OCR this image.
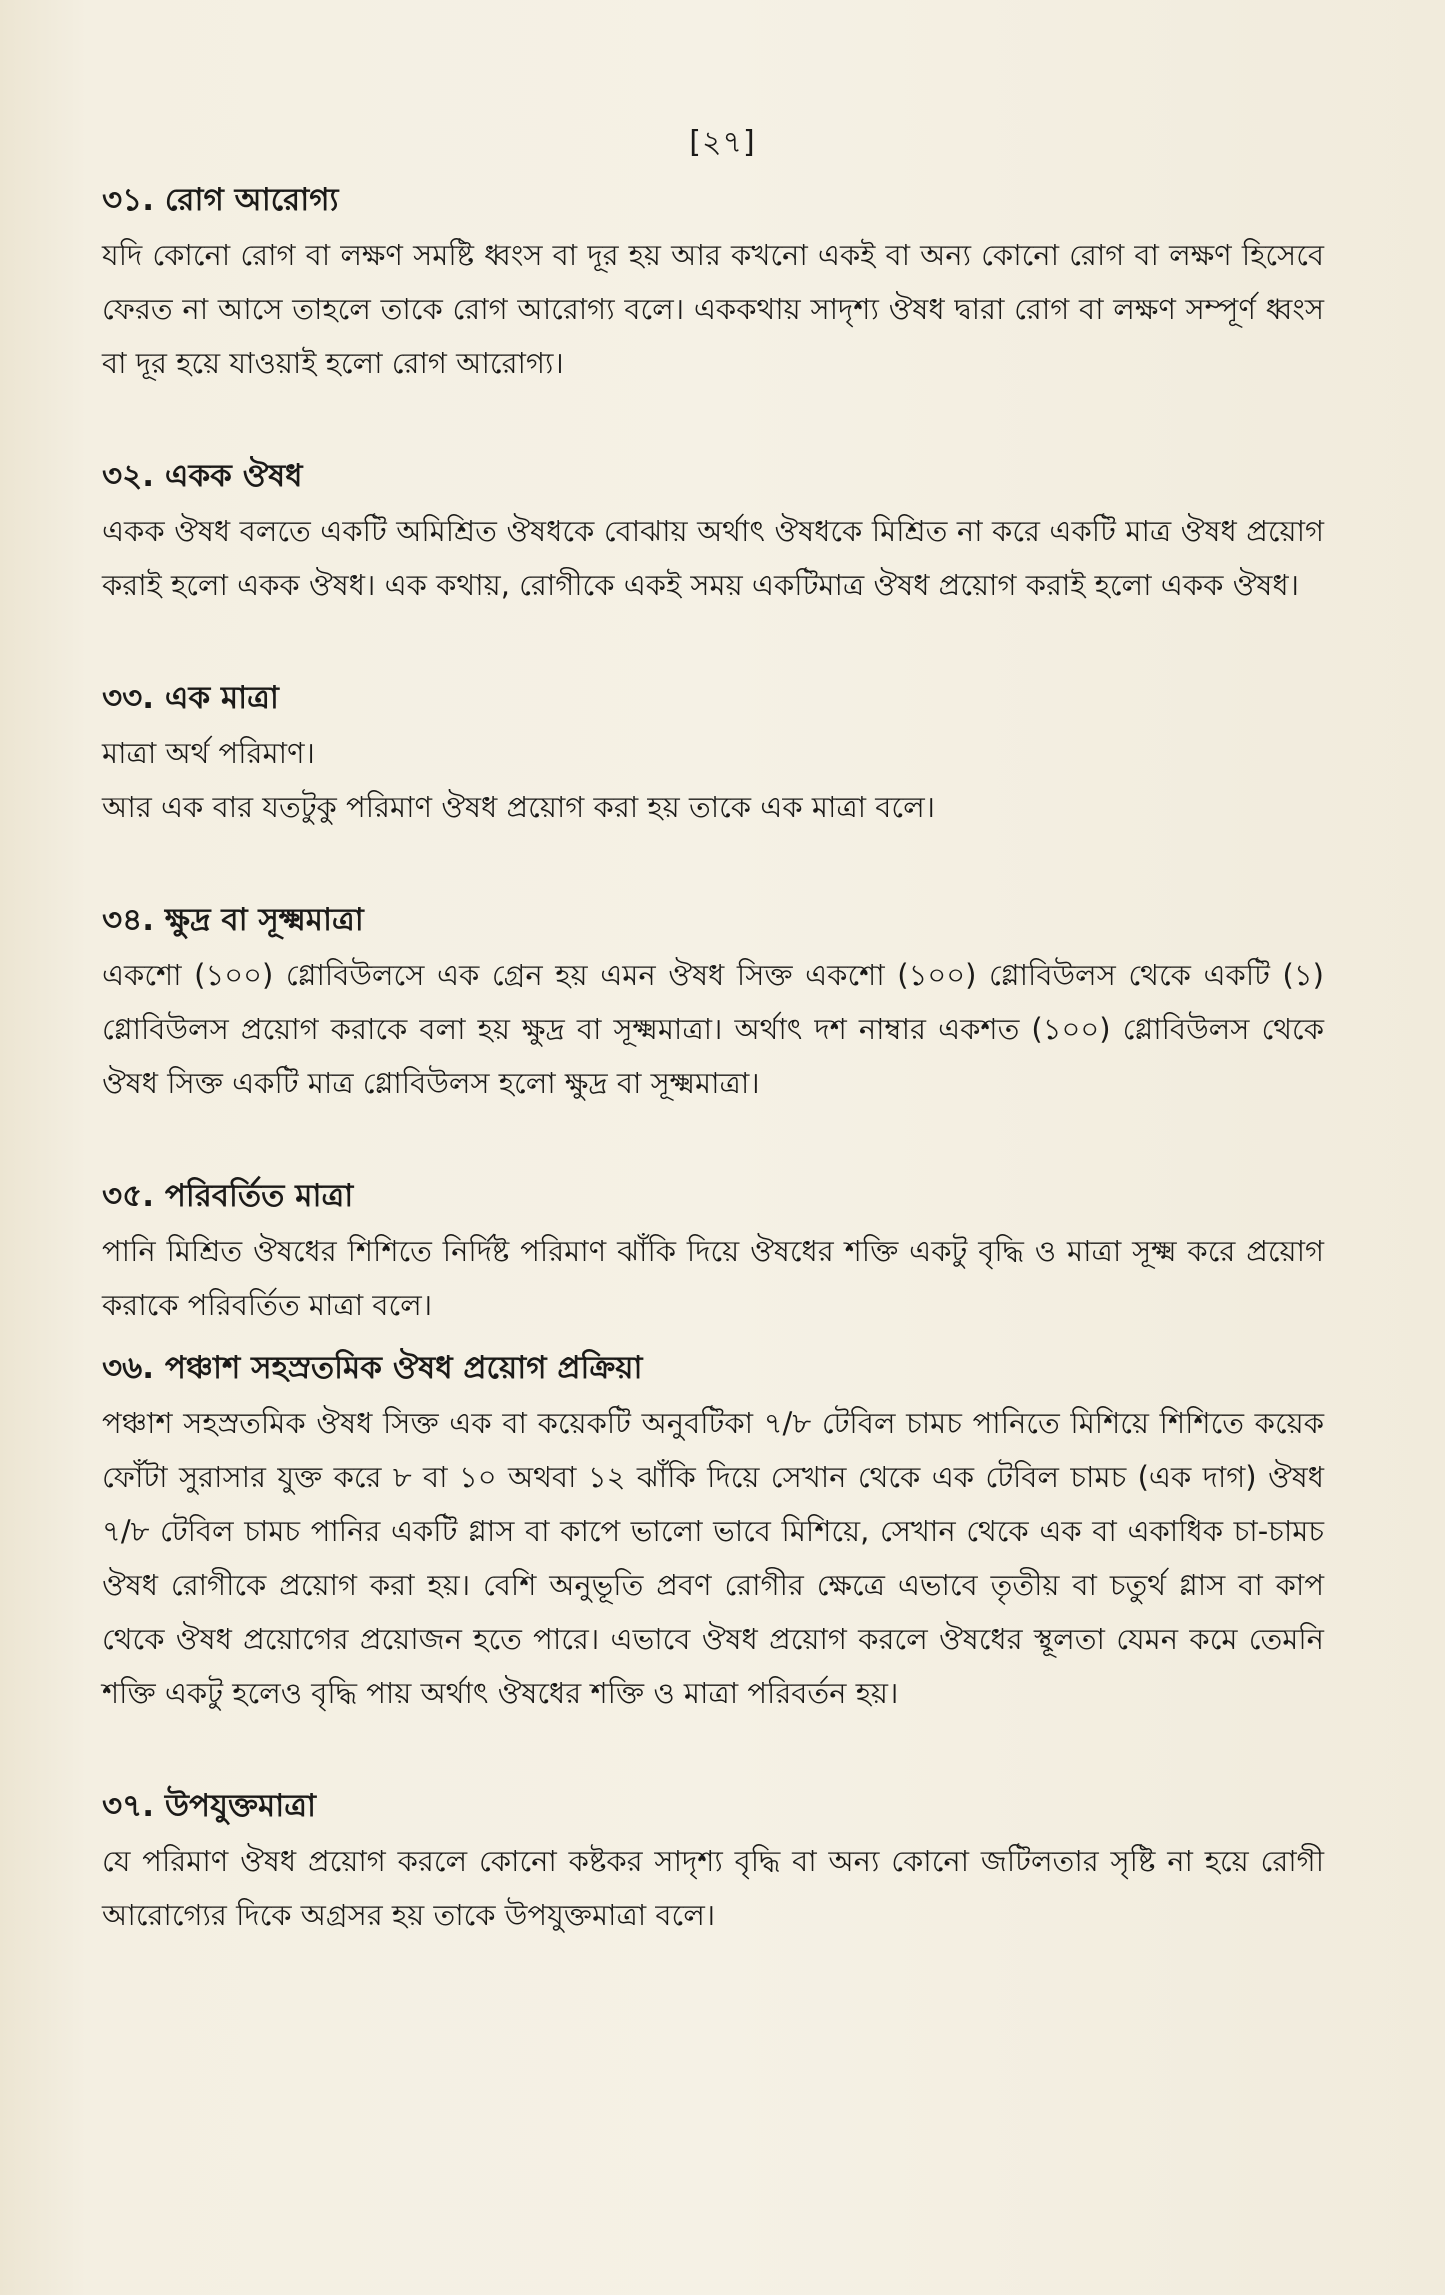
[২৭]
৩১. রোগ আরোগ্য

যদি কোনো রোগ বা লক্ষণ সমষ্টি ধ্বংস বা দূর হয় আর কখনো একই বা অন্য কোনো রোগ বা লক্ষণ হিসেবে ফেরত না আসে তাহলে তাকে রোগ আরোগ্য বলে। এককথায় সাদৃশ্য ঔষধ দ্বারা রোগ বা লক্ষণ সম্পূর্ণ ধ্বংস বা দূর হয়ে যাওয়াই হলো রোগ আরোগ্য।

৩২. একক ঔষধ

একক ঔষধ বলতে একটি অমিশ্রিত ঔষধকে বোঝায় অর্থাৎ ঔষধকে মিশ্রিত না করে একটি মাত্র ঔষধ প্রয়োগ করাই হলো একক ঔষধ। এক কথায়, রোগীকে একই সময় একটিমাত্র ঔষধ প্রয়োগ করাই হলো একক ঔষধ।

৩৩. এক মাত্রা

মাত্রা অর্থ পরিমাণ।

আর এক বার যতটুকু পরিমাণ ঔষধ প্রয়োগ করা হয় তাকে এক মাত্রা বলে।

৩৪. ক্ষুদ্র বা সূক্ষ্মমাত্রা

একশো (১০০) গ্লোবিউলসে এক গ্রেন হয় এমন ঔষধ সিক্ত একশো (১০০) গ্লোবিউলস থেকে একটি (১) গ্লোবিউলস প্রয়োগ করাকে বলা হয় ক্ষুদ্র বা সূক্ষ্মমাত্রা। অর্থাৎ দশ নাম্বার একশত (১০০) গ্লোবিউলস থেকে ঔষধ সিক্ত একটি মাত্র গ্লোবিউলস হলো ক্ষুদ্র বা সূক্ষ্মমাত্রা।

৩৫. পরিবর্তিত মাত্রা

পানি মিশ্রিত ঔষধের শিশিতে নির্দিষ্ট পরিমাণ ঝাঁকি দিয়ে ঔষধের শক্তি একটু বৃদ্ধি ও মাত্রা সূক্ষ্ম করে প্রয়োগ করাকে পরিবর্তিত মাত্রা বলে।

৩৬. পঞ্চাশ সহস্রতমিক ঔষধ প্রয়োগ প্রক্রিয়া

পঞ্চাশ সহস্রতমিক ঔষধ সিক্ত এক বা কয়েকটি অনুবটিকা ৭/৮ টেবিল চামচ পানিতে মিশিয়ে শিশিতে কয়েক ফোঁটা সুরাসার যুক্ত করে ৮ বা ১০ অথবা ১২ ঝাঁকি দিয়ে সেখান থেকে এক টেবিল চামচ (এক দাগ) ঔষধ ৭/৮ টেবিল চামচ পানির একটি গ্লাস বা কাপে ভালো ভাবে মিশিয়ে, সেখান থেকে এক বা একাধিক চা-চামচ ঔষধ রোগীকে প্রয়োগ করা হয়। বেশি অনুভূতি প্রবণ রোগীর ক্ষেত্রে এভাবে তৃতীয় বা চতুর্থ গ্লাস বা কাপ থেকে ঔষধ প্রয়োগের প্রয়োজন হতে পারে। এভাবে ঔষধ প্রয়োগ করলে ঔষধের স্থূলতা যেমন কমে তেমনি শক্তি একটু হলেও বৃদ্ধি পায় অর্থাৎ ঔষধের শক্তি ও মাত্রা পরিবর্তন হয়।

৩৭. উপযুক্তমাত্রা

যে পরিমাণ ঔষধ প্রয়োগ করলে কোনো কষ্টকর সাদৃশ্য বৃদ্ধি বা অন্য কোনো জটিলতার সৃষ্টি না হয়ে রোগী আরোগ্যের দিকে অগ্রসর হয় তাকে উপযুক্তমাত্রা বলে।
